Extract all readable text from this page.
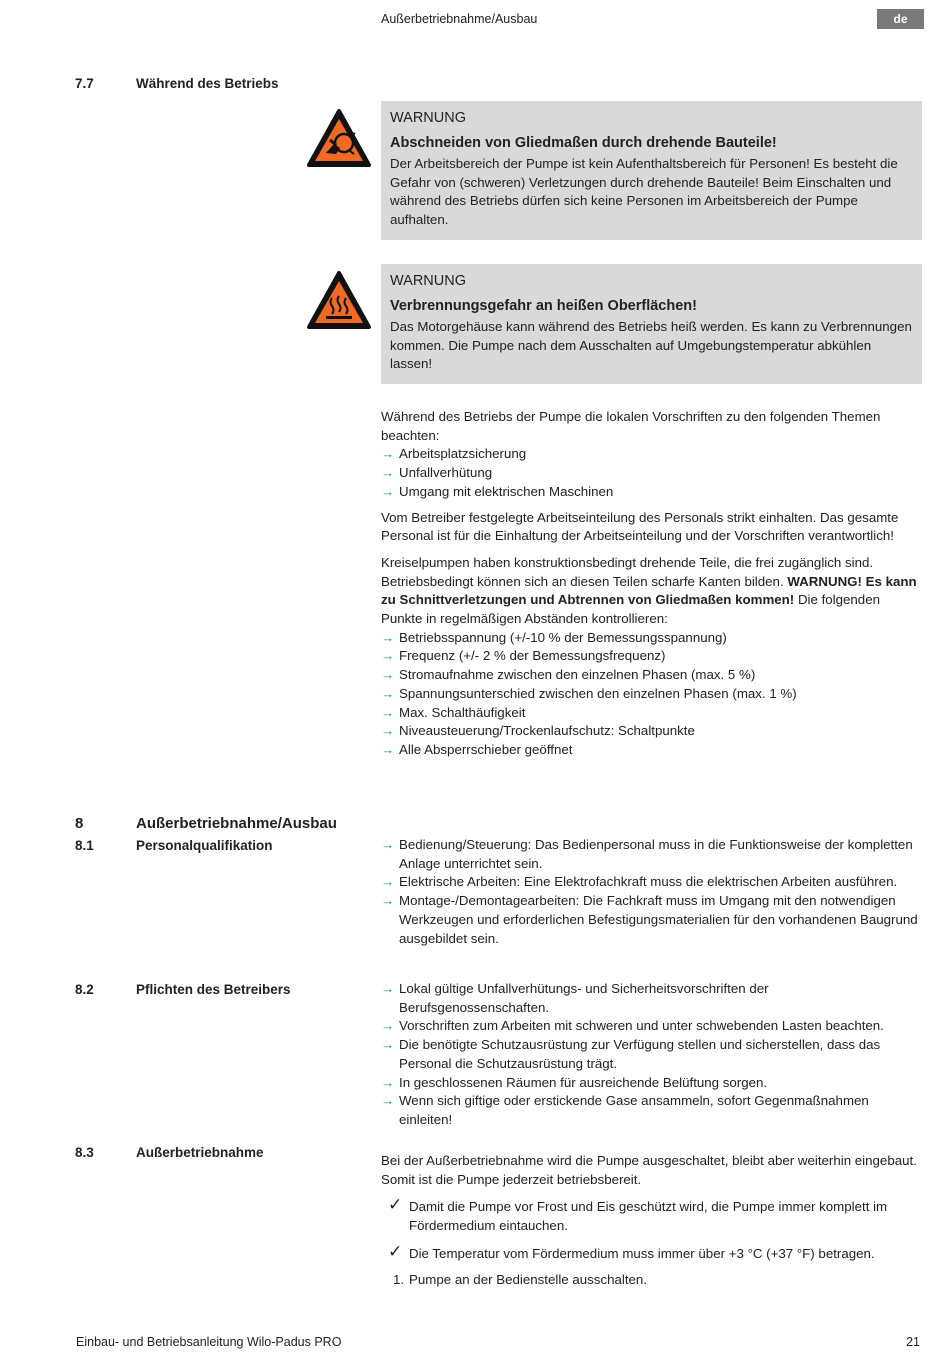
Außerbetriebnahme/Ausbau	de
7.7	Während des Betriebs
WARNUNG
Abschneiden von Gliedmaßen durch drehende Bauteile!
Der Arbeitsbereich der Pumpe ist kein Aufenthaltsbereich für Personen! Es besteht die Gefahr von (schweren) Verletzungen durch drehende Bauteile! Beim Einschalten und während des Betriebs dürfen sich keine Personen im Arbeitsbereich der Pumpe aufhalten.
WARNUNG
Verbrennungsgefahr an heißen Oberflächen!
Das Motorgehäuse kann während des Betriebs heiß werden. Es kann zu Verbrennungen kommen. Die Pumpe nach dem Ausschalten auf Umgebungstemperatur abkühlen lassen!

Während des Betriebs der Pumpe die lokalen Vorschriften zu den folgenden Themen beachten:

→ Arbeitsplatzsicherung
→ Unfallverhütung
→ Umgang mit elektrischen Maschinen

Vom Betreiber festgelegte Arbeitseinteilung des Personals strikt einhalten. Das gesamte Personal ist für die Einhaltung der Arbeitseinteilung und der Vorschriften verantwortlich!

Kreiselpumpen haben konstruktionsbedingt drehende Teile, die frei zugänglich sind. Betriebsbedingt können sich an diesen Teilen scharfe Kanten bilden. WARNUNG! Es kann zu Schnittverletzungen und Abtrennen von Gliedmaßen kommen! Die folgenden Punkte in regelmäßigen Abständen kontrollieren:

→ Betriebsspannung (+/-10 % der Bemessungsspannung)
→ Frequenz (+/- 2 % der Bemessungsfrequenz)
→ Stromaufnahme zwischen den einzelnen Phasen (max. 5 %)
→ Spannungsunterschied zwischen den einzelnen Phasen (max. 1 %)
→ Max. Schalthäufigkeit
→ Niveausteuerung/Trockenlaufschutz: Schaltpunkte
→ Alle Absperrschieber geöffnet
8	Außerbetriebnahme/Ausbau
8.1	Personalqualifikation	→ Bedienung/Steuerung: Das Bedienpersonal muss in die Funktionsweise der kompletten Anlage unterrichtet sein.
→ Elektrische Arbeiten: Eine Elektrofachkraft muss die elektrischen Arbeiten ausführen.
→ Montage-/Demontagearbeiten: Die Fachkraft muss im Umgang mit den notwendigen Werkzeugen und erforderlichen Befestigungsmaterialien für den vorhandenen Baugrund ausgebildet sein.
8.2	Pflichten des Betreibers	→ Lokal gültige Unfallverhütungs- und Sicherheitsvorschriften der Berufsgenossenschaften.
→ Vorschriften zum Arbeiten mit schweren und unter schwebenden Lasten beachten.
→ Die benötigte Schutzausrüstung zur Verfügung stellen und sicherstellen, dass das Personal die Schutzausrüstung trägt.
→ In geschlossenen Räumen für ausreichende Belüftung sorgen.
→ Wenn sich giftige oder erstickende Gase ansammeln, sofort Gegenmaßnahmen einleiten!
8.3	Außerbetriebnahme

Bei der Außerbetriebnahme wird die Pumpe ausgeschaltet, bleibt aber weiterhin eingebaut. Somit ist die Pumpe jederzeit betriebsbereit.

✓ Damit die Pumpe vor Frost und Eis geschützt wird, die Pumpe immer komplett im Fördermedium eintauchen.
✓ Die Temperatur vom Fördermedium muss immer über +3 °C (+37 °F) betragen.
1. Pumpe an der Bedienstelle ausschalten.
Einbau- und Betriebsanleitung Wilo-Padus PRO	21
